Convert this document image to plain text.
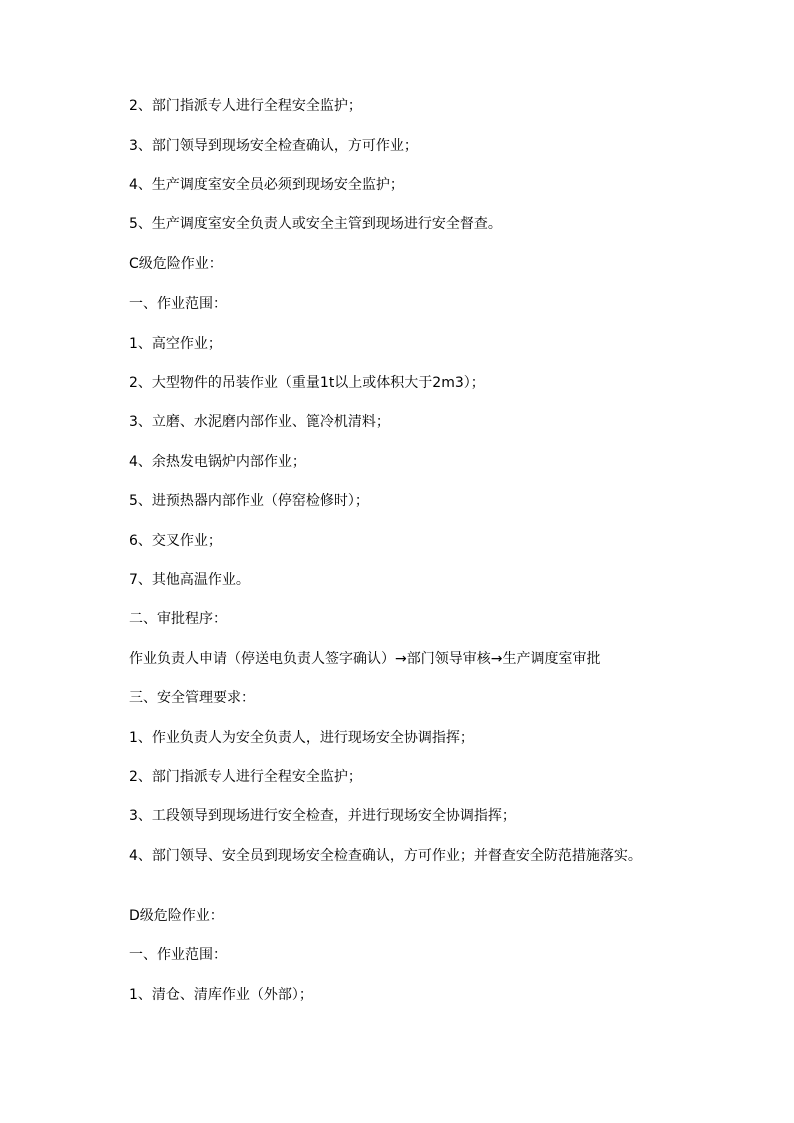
2、部门指派专人进行全程安全监护；

3、部门领导到现场安全检查确认，方可作业；

4、生产调度室安全员必须到现场安全监护；

5、生产调度室安全负责人或安全主管到现场进行安全督查。

C级危险作业：

一、作业范围：

1、高空作业；

2、大型物件的吊装作业（重量1t以上或体积大于2m3）；

3、立磨、水泥磨内部作业、篦冷机清料；

4、余热发电锅炉内部作业；

5、进预热器内部作业（停窑检修时）；

6、交叉作业；

7、其他高温作业。

二、审批程序：

作业负责人申请（停送电负责人签字确认）→部门领导审核→生产调度室审批

三、安全管理要求：

1、作业负责人为安全负责人，进行现场安全协调指挥；

2、部门指派专人进行全程安全监护；

3、工段领导到现场进行安全检查，并进行现场安全协调指挥；

4、部门领导、安全员到现场安全检查确认，方可作业；并督查安全防范措施落实。

D级危险作业：

一、作业范围：

1、清仓、清库作业（外部）；
